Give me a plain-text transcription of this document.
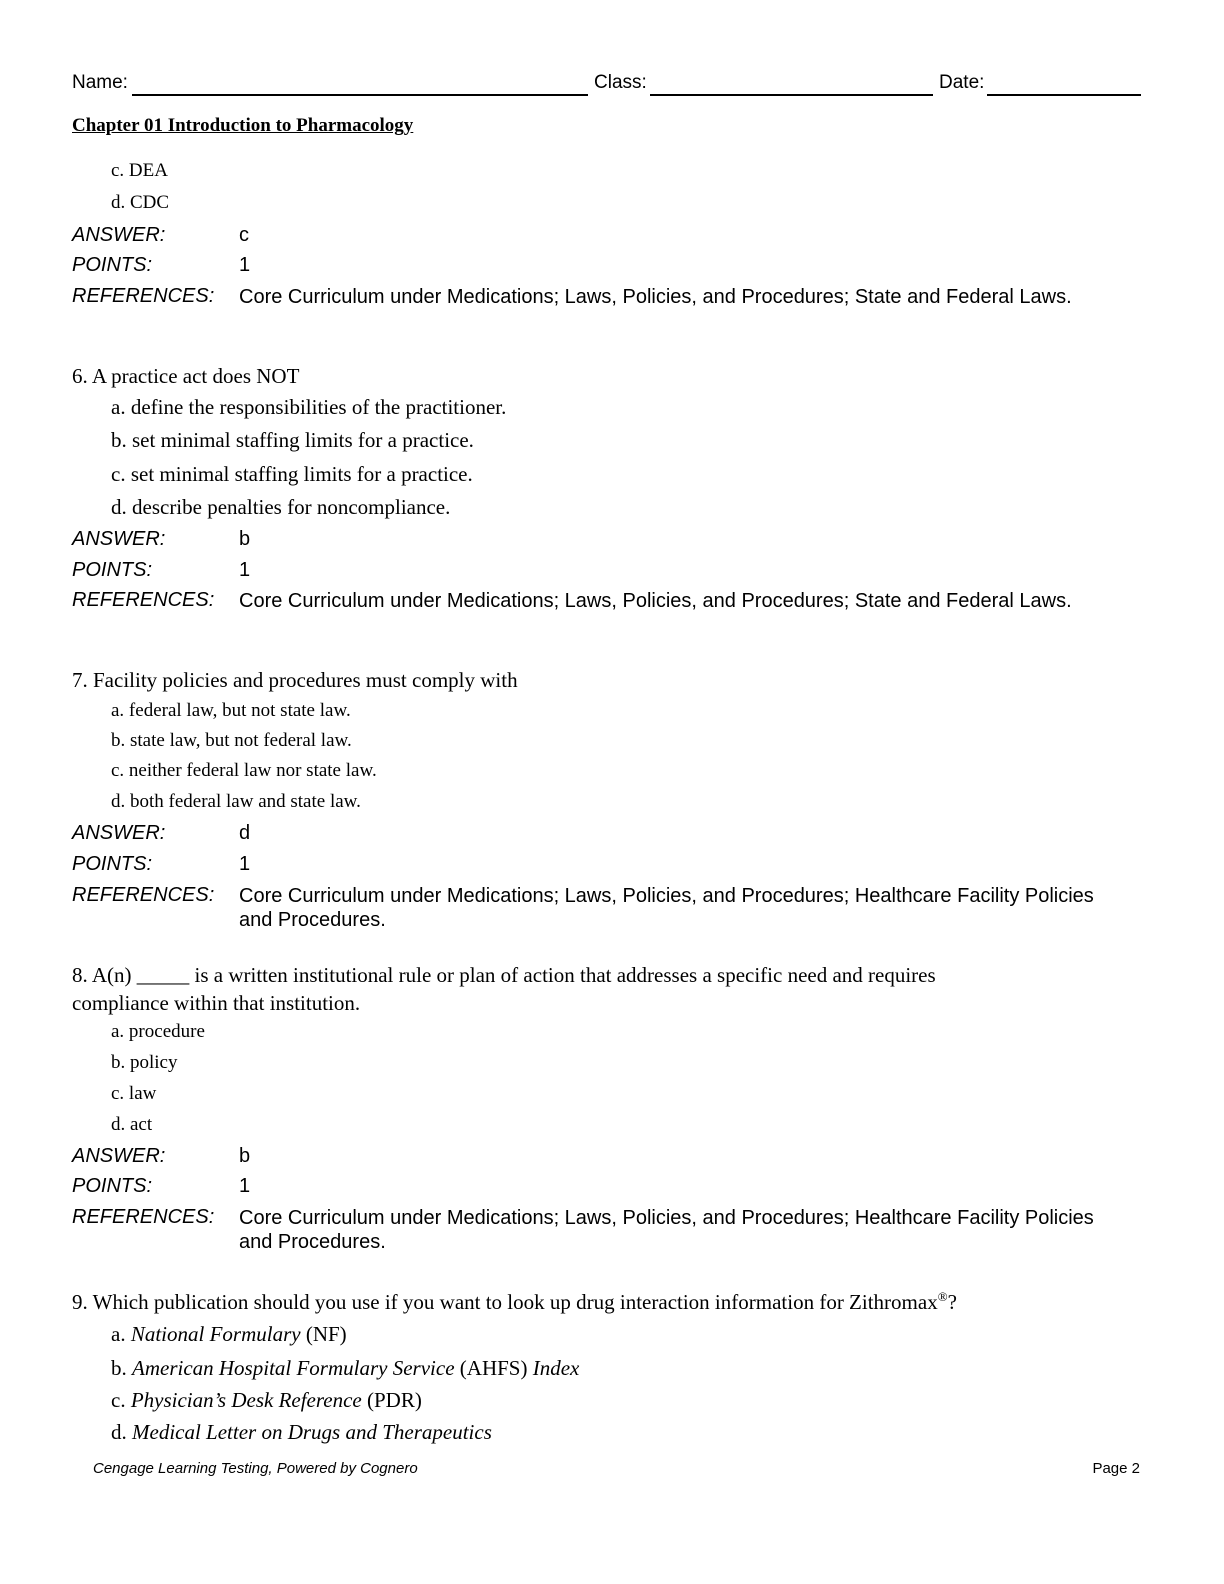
Name:	Class:	Date:
Chapter 01 Introduction to Pharmacology
c. DEA
d. CDC
ANSWER:	c
POINTS:	1
REFERENCES: Core Curriculum under Medications; Laws, Policies, and Procedures; State and Federal Laws.
6. A practice act does NOT
a. define the responsibilities of the practitioner.
b. set minimal staffing limits for a practice.
c. set minimal staffing limits for a practice.
d. describe penalties for noncompliance.
ANSWER:	b
POINTS:	1
REFERENCES: Core Curriculum under Medications; Laws, Policies, and Procedures; State and Federal Laws.
7. Facility policies and procedures must comply with
a. federal law, but not state law.
b. state law, but not federal law.
c. neither federal law nor state law.
d. both federal law and state law.
ANSWER:	d
POINTS:	1
REFERENCES: Core Curriculum under Medications; Laws, Policies, and Procedures; Healthcare Facility Policies and Procedures.
8. A(n) _____ is a written institutional rule or plan of action that addresses a specific need and requires
compliance within that institution.
a. procedure
b. policy
c. law
d. act
ANSWER:	b
POINTS:	1
REFERENCES: Core Curriculum under Medications; Laws, Policies, and Procedures; Healthcare Facility Policies and Procedures.
9. Which publication should you use if you want to look up drug interaction information for Zithromax®?
a. National Formulary (NF)
b. American Hospital Formulary Service (AHFS) Index
c. Physician’s Desk Reference (PDR)
d. Medical Letter on Drugs and Therapeutics
Cengage Learning Testing, Powered by Cognero	Page 2
